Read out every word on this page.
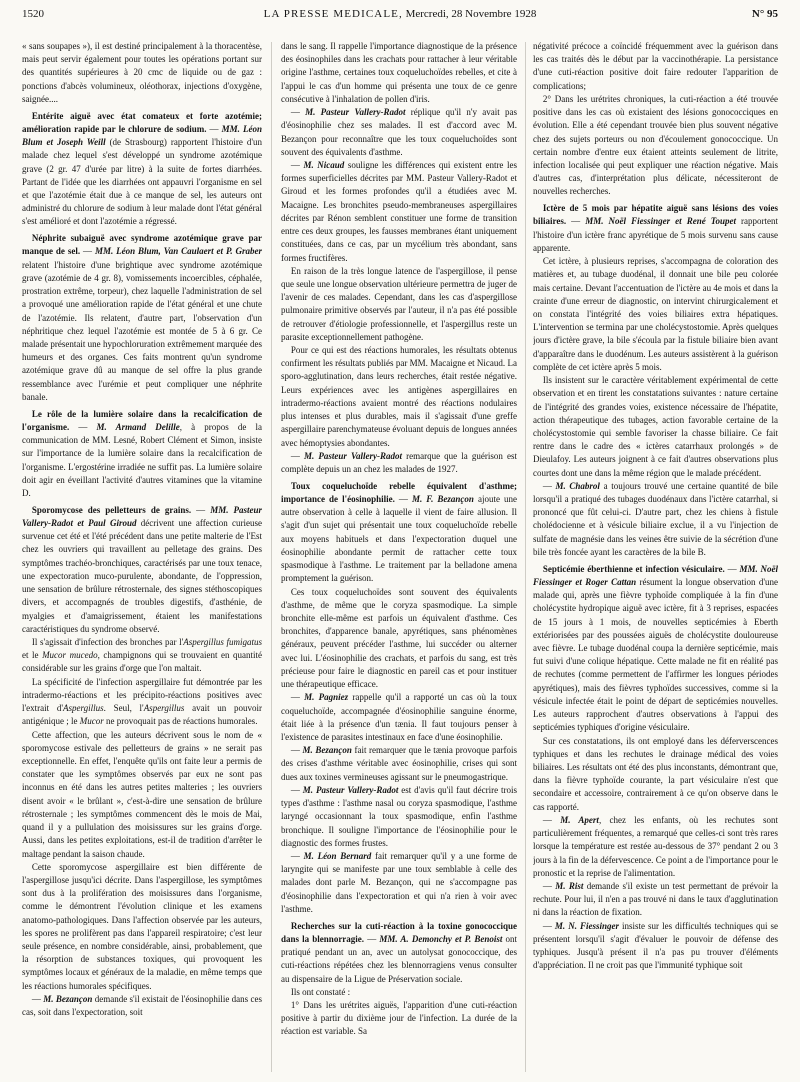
1520	LA PRESSE MEDICALE, Mercredi, 28 Novembre 1928	N° 95

« sans soupapes »), il est destiné principalement à la thoracentèse, mais peut servir également pour toutes les opérations portant sur des quantités supérieures à 20 cmc de liquide ou de gaz : ponctions d'abcès volumineux, oléothorax, injections d'oxygène, saignée....

Entérite aiguë avec état comateux et forte azotémie; amélioration rapide par le chlorure de sodium. — MM. Léon Blum et Joseph Weill (de Strasbourg) rapportent l'histoire d'un malade chez lequel s'est développé un syndrome azotémique grave (2 gr. 47 d'urée par litre) à la suite de fortes diarrhées. Partant de l'idée que les diarrhées ont appauvri l'organisme en sel et que l'azotémie était due à ce manque de sel, les auteurs ont administré du chlorure de sodium à leur malade dont l'état général s'est amélioré et dont l'azotémie a régressé.

Néphrite subaiguë avec syndrome azotémique grave par manque de sel. — MM. Léon Blum, Van Caulaert et P. Graber relatent l'histoire d'une brightique avec syndrome azotémique grave (azotémie de 4 gr. 8), vomissements incoercibles, céphalée, prostration extrême, torpeur), chez laquelle l'administration de sel a provoqué une amélioration rapide de l'état général et une chute de l'azotémie. Ils relatent, d'autre part, l'observation d'un néphritique chez lequel l'azotémie est montée de 5 à 6 gr. Ce malade présentait une hypochloruration extrêmement marquée des humeurs et des organes. Ces faits montrent qu'un syndrome azotémique grave dû au manque de sel offre la plus grande ressemblance avec l'urémie et peut compliquer une néphrite banale.

Le rôle de la lumière solaire dans la recalcification de l'organisme. — M. Armand Delille, à propos de la communication de MM. Lesné, Robert Clément et Simon, insiste sur l'importance de la lumière solaire dans la recalcification de l'organisme. L'ergostérine irradiée ne suffit pas. La lumière solaire doit agir en éveillant l'activité d'autres vitamines que la vitamine D.

Sporomycose des pelletteurs de grains. — MM. Pasteur Vallery-Radot et Paul Giroud décrivent une affection curieuse survenue cet été et l'été précédent dans une petite malterie de l'Est chez les ouvriers qui travaillent au pelletage des grains. Des symptômes trachéo-bronchiques, caractérisés par une toux tenace, une expectoration muco-purulente, abondante, de l'oppression, une sensation de brûlure rétrosternale, des signes stéthoscopiques divers, et accompagnés de troubles digestifs, d'asthénie, de myalgies et d'amaigrissement, étaient les manifestations caractéristiques du syndrome observé.

Il s'agissait d'infection des bronches par l'Aspergillus fumigatus et le Mucor mucedo, champignons qui se trouvaient en quantité considérable sur les grains d'orge que l'on maltait.

La spécificité de l'infection aspergillaire fut démontrée par les intradermo-réactions et les précipito-réactions positives avec l'extrait d'Aspergillus. Seul, l'Aspergillus avait un pouvoir antigénique ; le Mucor ne provoquait pas de réactions humorales.

Cette affection, que les auteurs décrivent sous le nom de « sporomycose estivale des pelletteurs de grains » ne serait pas exceptionnelle. En effet, l'enquête qu'ils ont faite leur a permis de constater que les symptômes observés par eux ne sont pas inconnus en été dans les autres petites malteries ; les ouvriers disent avoir « le brûlant », c'est-à-dire une sensation de brûlure rétrosternale ; les symptômes commencent dès le mois de Mai, quand il y a pullulation des moisissures sur les grains d'orge. Aussi, dans les petites exploitations, est-il de tradition d'arrêter le maltage pendant la saison chaude.

Cette sporomycose aspergillaire est bien différente de l'aspergillose jusqu'ici décrite. Dans l'aspergillose, les symptômes sont dus à la prolifération des moisissures dans l'organisme, comme le démontrent l'évolution clinique et les examens anatomo-pathologiques. Dans l'affection observée par les auteurs, les spores ne prolifèrent pas dans l'appareil respiratoire; c'est leur seule présence, en nombre considérable, ainsi, probablement, que la résorption de substances toxiques, qui provoquent les symptômes locaux et généraux de la maladie, en même temps que les réactions humorales spécifiques.

— M. Bezançon demande s'il existait de l'éosinophilie dans ces cas, soit dans l'expectoration, soit

dans le sang. Il rappelle l'importance diagnostique de la présence des éosinophiles dans les crachats pour rattacher à leur véritable origine l'asthme, certaines toux coqueluchoïdes rebelles, et cite à l'appui le cas d'un homme qui présenta une toux de ce genre consécutive à l'inhalation de pollen d'iris.

— M. Pasteur Vallery-Radot réplique qu'il n'y avait pas d'éosinophilie chez ses malades. Il est d'accord avec M. Bezançon pour reconnaître que les toux coqueluchoïdes sont souvent des équivalents d'asthme.

— M. Nicaud souligne les différences qui existent entre les formes superficielles décrites par MM. Pasteur Vallery-Radot et Giroud et les formes profondes qu'il a étudiées avec M. Macaigne. Les bronchites pseudo-membraneuses aspergillaires décrites par Rénon semblent constituer une forme de transition entre ces deux groupes, les fausses membranes étant uniquement constituées, dans ce cas, par un mycélium très abondant, sans formes fructifères.

En raison de la très longue latence de l'aspergillose, il pense que seule une longue observation ultérieure permettra de juger de l'avenir de ces malades. Cependant, dans les cas d'aspergillose pulmonaire primitive observés par l'auteur, il n'a pas été possible de retrouver d'étiologie professionnelle, et l'aspergillus reste un parasite exceptionnellement pathogène.

Pour ce qui est des réactions humorales, les résultats obtenus confirment les résultats publiés par MM. Macaigne et Nicaud. La sporo-agglutination, dans leurs recherches, était restée négative. Leurs expériences avec les antigènes aspergillaires en intradermo-réactions avaient montré des réactions nodulaires plus intenses et plus durables, mais il s'agissait d'une greffe aspergillaire parenchymateuse évoluant depuis de longues années avec hémoptysies abondantes.

— M. Pasteur Vallery-Radot remarque que la guérison est complète depuis un an chez les malades de 1927.

Toux coqueluchoïde rebelle équivalent d'asthme; importance de l'éosinophilie. — M. F. Bezançon ajoute une autre observation à celle à laquelle il vient de faire allusion. Il s'agit d'un sujet qui présentait une toux coqueluchoïde rebelle aux moyens habituels et dans l'expectoration duquel une éosinophilie abondante permit de rattacher cette toux spasmodique à l'asthme. Le traitement par la belladone amena promptement la guérison.

Ces toux coqueluchoïdes sont souvent des équivalents d'asthme, de même que le coryza spasmodique. La simple bronchite elle-même est parfois un équivalent d'asthme. Ces bronchites, d'apparence banale, apyrétiques, sans phénomènes généraux, peuvent précéder l'asthme, lui succéder ou alterner avec lui. L'éosinophilie des crachats, et parfois du sang, est très précieuse pour faire le diagnostic en pareil cas et pour instituer une thérapeutique efficace.

— M. Pagniez rappelle qu'il a rapporté un cas où la toux coqueluchoïde, accompagnée d'éosinophilie sanguine énorme, était liée à la présence d'un tænia. Il faut toujours penser à l'existence de parasites intestinaux en face d'une éosinophilie.

— M. Bezançon fait remarquer que le tænia provoque parfois des crises d'asthme véritable avec éosinophilie, crises qui sont dues aux toxines vermineuses agissant sur le pneumogastrique.

— M. Pasteur Vallery-Radot est d'avis qu'il faut décrire trois types d'asthme : l'asthme nasal ou coryza spasmodique, l'asthme laryngé occasionnant la toux spasmodique, enfin l'asthme bronchique. Il souligne l'importance de l'éosinophilie pour le diagnostic des formes frustes.

— M. Léon Bernard fait remarquer qu'il y a une forme de laryngite qui se manifeste par une toux semblable à celle des malades dont parle M. Bezançon, qui ne s'accompagne pas d'éosinophilie dans l'expectoration et qui n'a rien à voir avec l'asthme.

Recherches sur la cuti-réaction à la toxine gonococcique dans la blennorragie. — MM. A. Demonchy et P. Benoist ont pratiqué pendant un an, avec un autolysat gonococcique, des cuti-réactions répétées chez les blennorragiens venus consulter au dispensaire de la Ligue de Préservation sociale.

Ils ont constaté :

1° Dans les urétrites aiguës, l'apparition d'une cuti-réaction positive à partir du dixième jour de l'infection. La durée de la réaction est variable. Sa

négativité précoce a coïncidé fréquemment avec la guérison dans les cas traités dès le début par la vaccinothérapie. La persistance d'une cuti-réaction positive doit faire redouter l'apparition de complications;

2° Dans les urétrites chroniques, la cuti-réaction a été trouvée positive dans les cas où existaient des lésions gonococciques en évolution. Elle a été cependant trouvée bien plus souvent négative chez des sujets porteurs ou non d'écoulement gonococcique. Un certain nombre d'entre eux étaient atteints seulement de litrite, infection localisée qui peut expliquer une réaction négative. Mais d'autres cas, d'interprétation plus délicate, nécessiteront de nouvelles recherches.

Ictère de 5 mois par hépatite aiguë sans lésions des voies biliaires. — MM. Noël Fiessinger et René Toupet rapportent l'histoire d'un ictère franc apyrétique de 5 mois survenu sans cause apparente.

Cet ictère, à plusieurs reprises, s'accompagna de coloration des matières et, au tubage duodénal, il donnait une bile peu colorée mais certaine. Devant l'accentuation de l'ictère au 4e mois et dans la crainte d'une erreur de diagnostic, on intervint chirurgicalement et on constata l'intégrité des voies biliaires extra hépatiques. L'intervention se termina par une cholécystostomie. Après quelques jours d'ictère grave, la bile s'écoula par la fistule biliaire bien avant d'apparaître dans le duodénum. Les auteurs assistèrent à la guérison complète de cet ictère après 5 mois.

Ils insistent sur le caractère véritablement expérimental de cette observation et en tirent les constatations suivantes : nature certaine de l'intégrité des grandes voies, existence nécessaire de l'hépatite, action thérapeutique des tubages, action favorable certaine de la cholécystostomie qui semble favoriser la chasse biliaire. Ce fait rentre dans le cadre des « ictères catarrhaux prolongés » de Dieulafoy. Les auteurs joignent à ce fait d'autres observations plus courtes dont une dans la même région que le malade précédent.

— M. Chabrol a toujours trouvé une certaine quantité de bile lorsqu'il a pratiqué des tubages duodénaux dans l'ictère catarrhal, si prononcé que fût celui-ci. D'autre part, chez les chiens à fistule cholédocienne et à vésicule biliaire exclue, il a vu l'injection de sulfate de magnésie dans les veines être suivie de la sécrétion d'une bile très foncée ayant les caractères de la bile B.

Septicémie éberthienne et infection vésiculaire. — MM. Noël Fiessinger et Roger Cattan résument la longue observation d'une malade qui, après une fièvre typhoïde compliquée à la fin d'une cholécystite hydropique aiguë avec ictère, fit à 3 reprises, espacées de 15 jours à 1 mois, de nouvelles septicémies à Eberth extériorisées par des poussées aiguës de cholécystite douloureuse avec fièvre. Le tubage duodénal coupa la dernière septicémie, mais fut suivi d'une colique hépatique. Cette malade ne fit en réalité pas de rechutes (comme permettent de l'affirmer les longues périodes apyrétiques), mais des fièvres typhoïdes successives, comme si la vésicule infectée était le point de départ de septicémies nouvelles. Les auteurs rapprochent d'autres observations à l'appui des septicémies typhiques d'origine vésiculaire.

Sur ces constatations, ils ont employé dans les déferverscences typhiques et dans les rechutes le drainage médical des voies biliaires. Les résultats ont été des plus inconstants, démontrant que, dans la fièvre typhoïde courante, la part vésiculaire n'est que secondaire et accessoire, contrairement à ce qu'on observe dans le cas rapporté.

— M. Apert, chez les enfants, où les rechutes sont particulièrement fréquentes, a remarqué que celles-ci sont très rares lorsque la température est restée au-dessous de 37° pendant 2 ou 3 jours à la fin de la défervescence. Ce point a de l'importance pour le pronostic et la reprise de l'alimentation.

— M. Rist demande s'il existe un test permettant de prévoir la rechute. Pour lui, il n'en a pas trouvé ni dans le taux d'agglutination ni dans la réaction de fixation.

— M. N. Fiessinger insiste sur les difficultés techniques qui se présentent lorsqu'il s'agit d'évaluer le pouvoir de défense des typhiques. Jusqu'à présent il n'a pas pu trouver d'éléments d'appréciation. Il ne croit pas que l'immunité typhique soit
